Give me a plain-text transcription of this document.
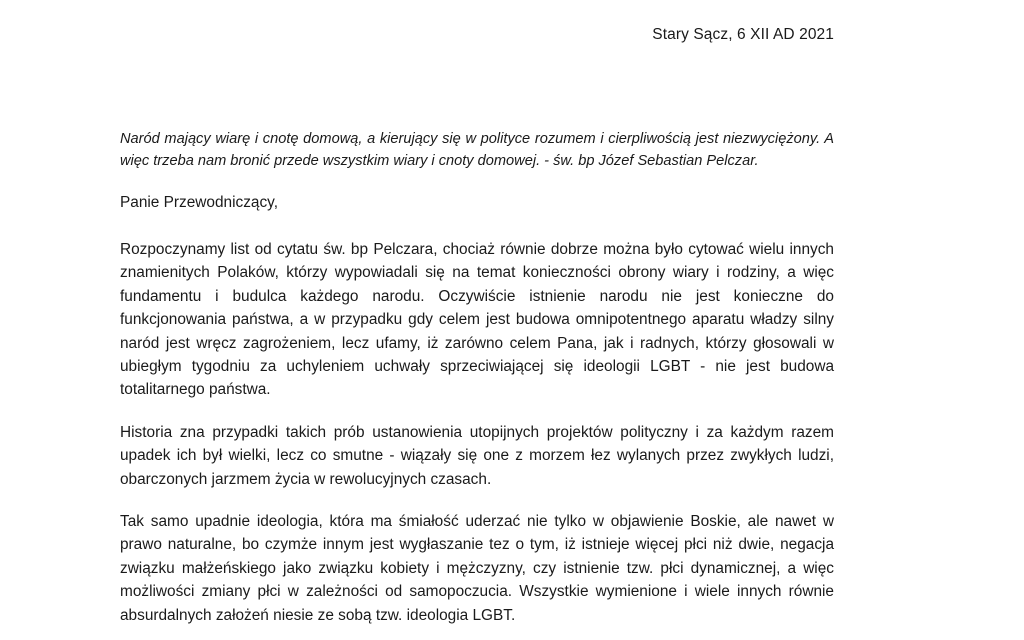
Stary Sącz, 6 XII AD 2021

Naród mający wiarę i cnotę domową, a kierujący się w polityce rozumem i cierpliwością jest niezwyciężony. A więc trzeba nam bronić przede wszystkim wiary i cnoty domowej. - św. bp Józef Sebastian Pelczar.

Panie Przewodniczący,

Rozpoczynamy list od cytatu św. bp Pelczara, chociaż równie dobrze można było cytować wielu innych znamienitych Polaków, którzy wypowiadali się na temat konieczności obrony wiary i rodziny, a więc fundamentu i budulca każdego narodu. Oczywiście istnienie narodu nie jest konieczne do funkcjonowania państwa, a w przypadku gdy celem jest budowa omnipotentnego aparatu władzy silny naród jest wręcz zagrożeniem, lecz ufamy, iż zarówno celem Pana, jak i radnych, którzy głosowali w ubiegłym tygodniu za uchyleniem uchwały sprzeciwiającej się ideologii LGBT - nie jest budowa totalitarnego państwa.

Historia zna przypadki takich prób ustanowienia utopijnych projektów polityczny i za każdym razem upadek ich był wielki, lecz co smutne - wiązały się one z morzem łez wylanych przez zwykłych ludzi, obarczonych jarzmem życia w rewolucyjnych czasach.

Tak samo upadnie ideologia, która ma śmiałość uderzać nie tylko w objawienie Boskie, ale nawet w prawo naturalne, bo czymże innym jest wygłaszanie tez o tym, iż istnieje więcej płci niż dwie, negacja związku małżeńskiego jako związku kobiety i mężczyzny, czy istnienie tzw. płci dynamicznej, a więc możliwości zmiany płci w zależności od samopoczucia. Wszystkie wymienione i wiele innych równie absurdalnych założeń niesie ze sobą tzw. ideologia LGBT.
